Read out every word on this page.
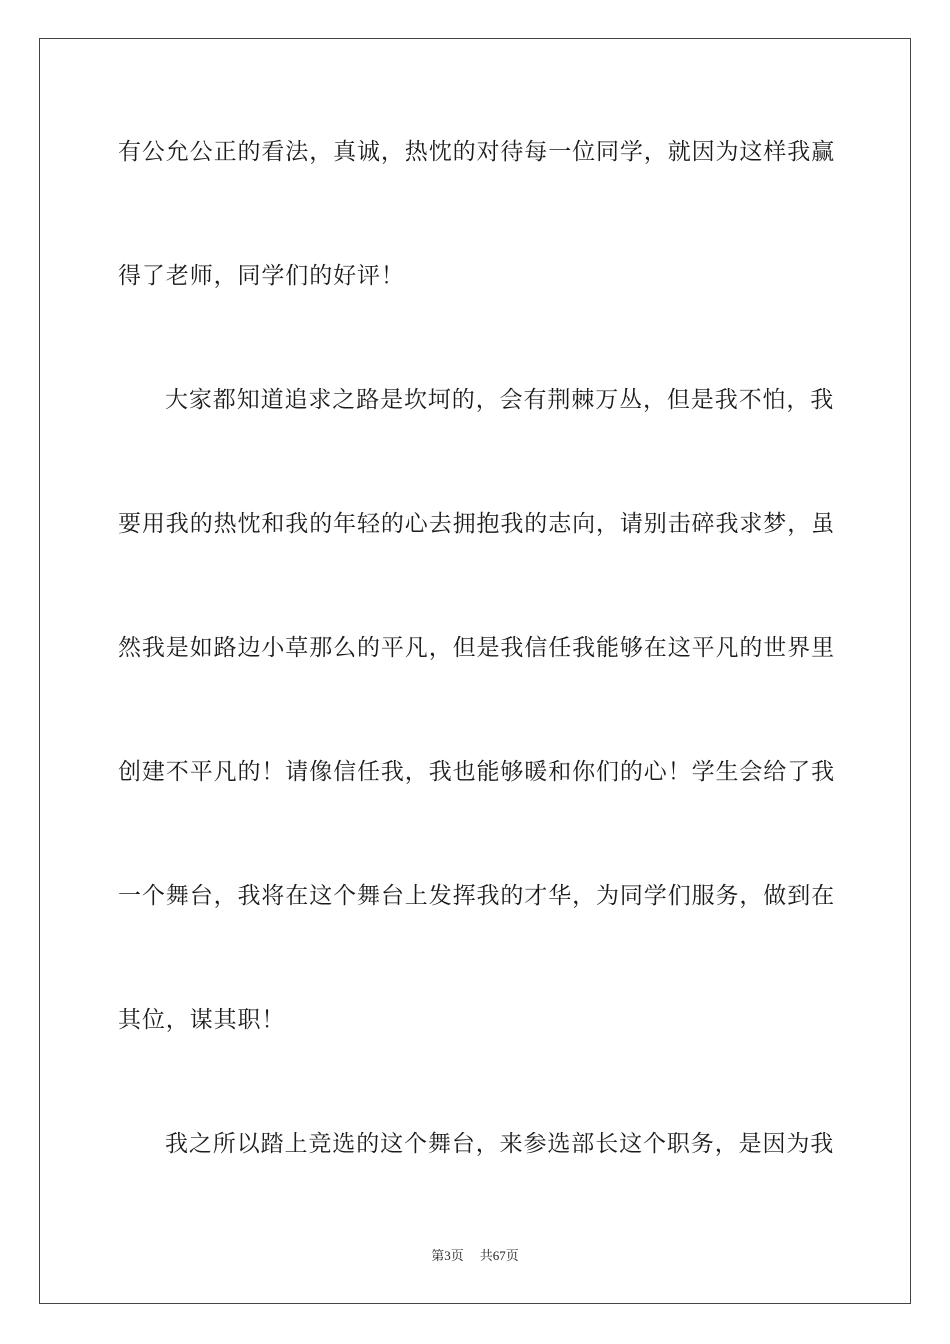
有公允公正的看法，真诚，热忱的对待每一位同学，就因为这样我赢
得了老师，同学们的好评！
大家都知道追求之路是坎坷的，会有荆棘万丛，但是我不怕，我
要用我的热忱和我的年轻的心去拥抱我的志向，请别击碎我求梦，虽
然我是如路边小草那么的平凡，但是我信任我能够在这平凡的世界里
创建不平凡的！请像信任我，我也能够暖和你们的心！学生会给了我
一个舞台，我将在这个舞台上发挥我的才华，为同学们服务，做到在
其位，谋其职！
我之所以踏上竞选的这个舞台，来参选部长这个职务，是因为我
第3页 共67页
